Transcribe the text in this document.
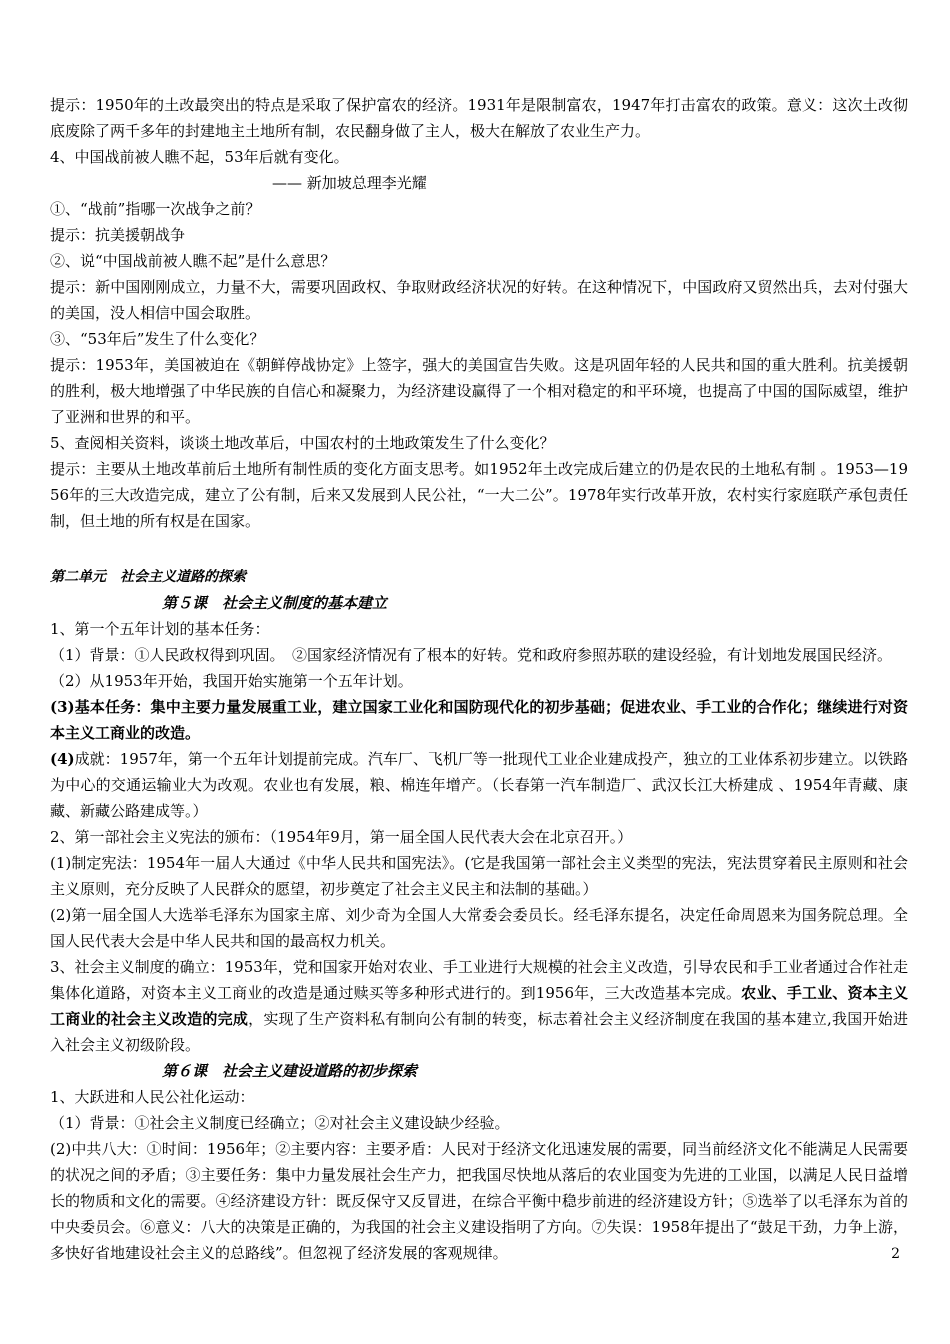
提示：1950年的土改最突出的特点是采取了保护富农的经济。1931年是限制富农，1947年打击富农的政策。意义：这次土改彻底废除了两千多年的封建地主土地所有制，农民翻身做了主人，极大在解放了农业生产力。

4、中国战前被人瞧不起，53年后就有变化。

—— 新加坡总理李光耀

①、“战前”指哪一次战争之前？

提示：抗美援朝战争

②、说“中国战前被人瞧不起”是什么意思？

提示：新中国刚刚成立，力量不大，需要巩固政权、争取财政经济状况的好转。在这种情况下，中国政府又贸然出兵，去对付强大的美国，没人相信中国会取胜。

③、“53年后”发生了什么变化？

提示：1953年，美国被迫在《朝鲜停战协定》上签字，强大的美国宣告失败。这是巩固年轻的人民共和国的重大胜利。抗美援朝的胜利，极大地增强了中华民族的自信心和凝聚力，为经济建设赢得了一个相对稳定的和平环境，也提高了中国的国际威望，维护了亚洲和世界的和平。

5、查阅相关资料，谈谈土地改革后，中国农村的土地政策发生了什么变化？

提示：主要从土地改革前后土地所有制性质的变化方面支思考。如1952年土改完成后建立的仍是农民的土地私有制 。1953—1956年的三大改造完成，建立了公有制，后来又发展到人民公社，“一大二公”。1978年实行改革开放，农村实行家庭联产承包责任制，但土地的所有权是在国家。

第二单元　社会主义道路的探索

第５课　社会主义制度的基本建立

1、第一个五年计划的基本任务：

（1）背景：①人民政权得到巩固。　②国家经济情况有了根本的好转。党和政府参照苏联的建设经验，有计划地发展国民经济。

（2）从1953年开始，我国开始实施第一个五年计划。

(3)基本任务：集中主要力量发展重工业，建立国家工业化和国防现代化的初步基础；促进农业、手工业的合作化；继续进行对资本主义工商业的改造。

(4)成就：1957年，第一个五年计划提前完成。汽车厂、飞机厂等一批现代工业企业建成投产，独立的工业体系初步建立。以铁路为中心的交通运输业大为改观。农业也有发展，粮、棉连年增产。（长春第一汽车制造厂、武汉长江大桥建成 、1954年青藏、康藏、新藏公路建成等。）

2、第一部社会主义宪法的颁布：（1954年9月，第一届全国人民代表大会在北京召开。）

(1)制定宪法：1954年一届人大通过《中华人民共和国宪法》。(它是我国第一部社会主义类型的宪法，宪法贯穿着民主原则和社会主义原则，充分反映了人民群众的愿望，初步奠定了社会主义民主和法制的基础。）

(2)第一届全国人大选举毛泽东为国家主席、刘少奇为全国人大常委会委员长。经毛泽东提名，决定任命周恩来为国务院总理。全国人民代表大会是中华人民共和国的最高权力机关。

3、社会主义制度的确立：1953年，党和国家开始对农业、手工业进行大规模的社会主义改造，引导农民和手工业者通过合作社走集体化道路，对资本主义工商业的改造是通过赎买等多种形式进行的。到1956年，三大改造基本完成。农业、手工业、资本主义工商业的社会主义改造的完成，实现了生产资料私有制向公有制的转变，标志着社会主义经济制度在我国的基本建立,我国开始进入社会主义初级阶段。

第６课　社会主义建设道路的初步探索

1、大跃进和人民公社化运动：

（1）背景：①社会主义制度已经确立；②对社会主义建设缺少经验。

(2)中共八大：①时间：1956年；②主要内容：主要矛盾：人民对于经济文化迅速发展的需要，同当前经济文化不能满足人民需要的状况之间的矛盾；③主要任务：集中力量发展社会生产力，把我国尽快地从落后的农业国变为先进的工业国，以满足人民日益增长的物质和文化的需要。④经济建设方针：既反保守又反冒进，在综合平衡中稳步前进的经济建设方针；⑤选举了以毛泽东为首的中央委员会。⑥意义：八大的决策是正确的，为我国的社会主义建设指明了方向。⑦失误：1958年提出了“鼓足干劲，力争上游，多快好省地建设社会主义的总路线”。但忽视了经济发展的客观规律。	2
